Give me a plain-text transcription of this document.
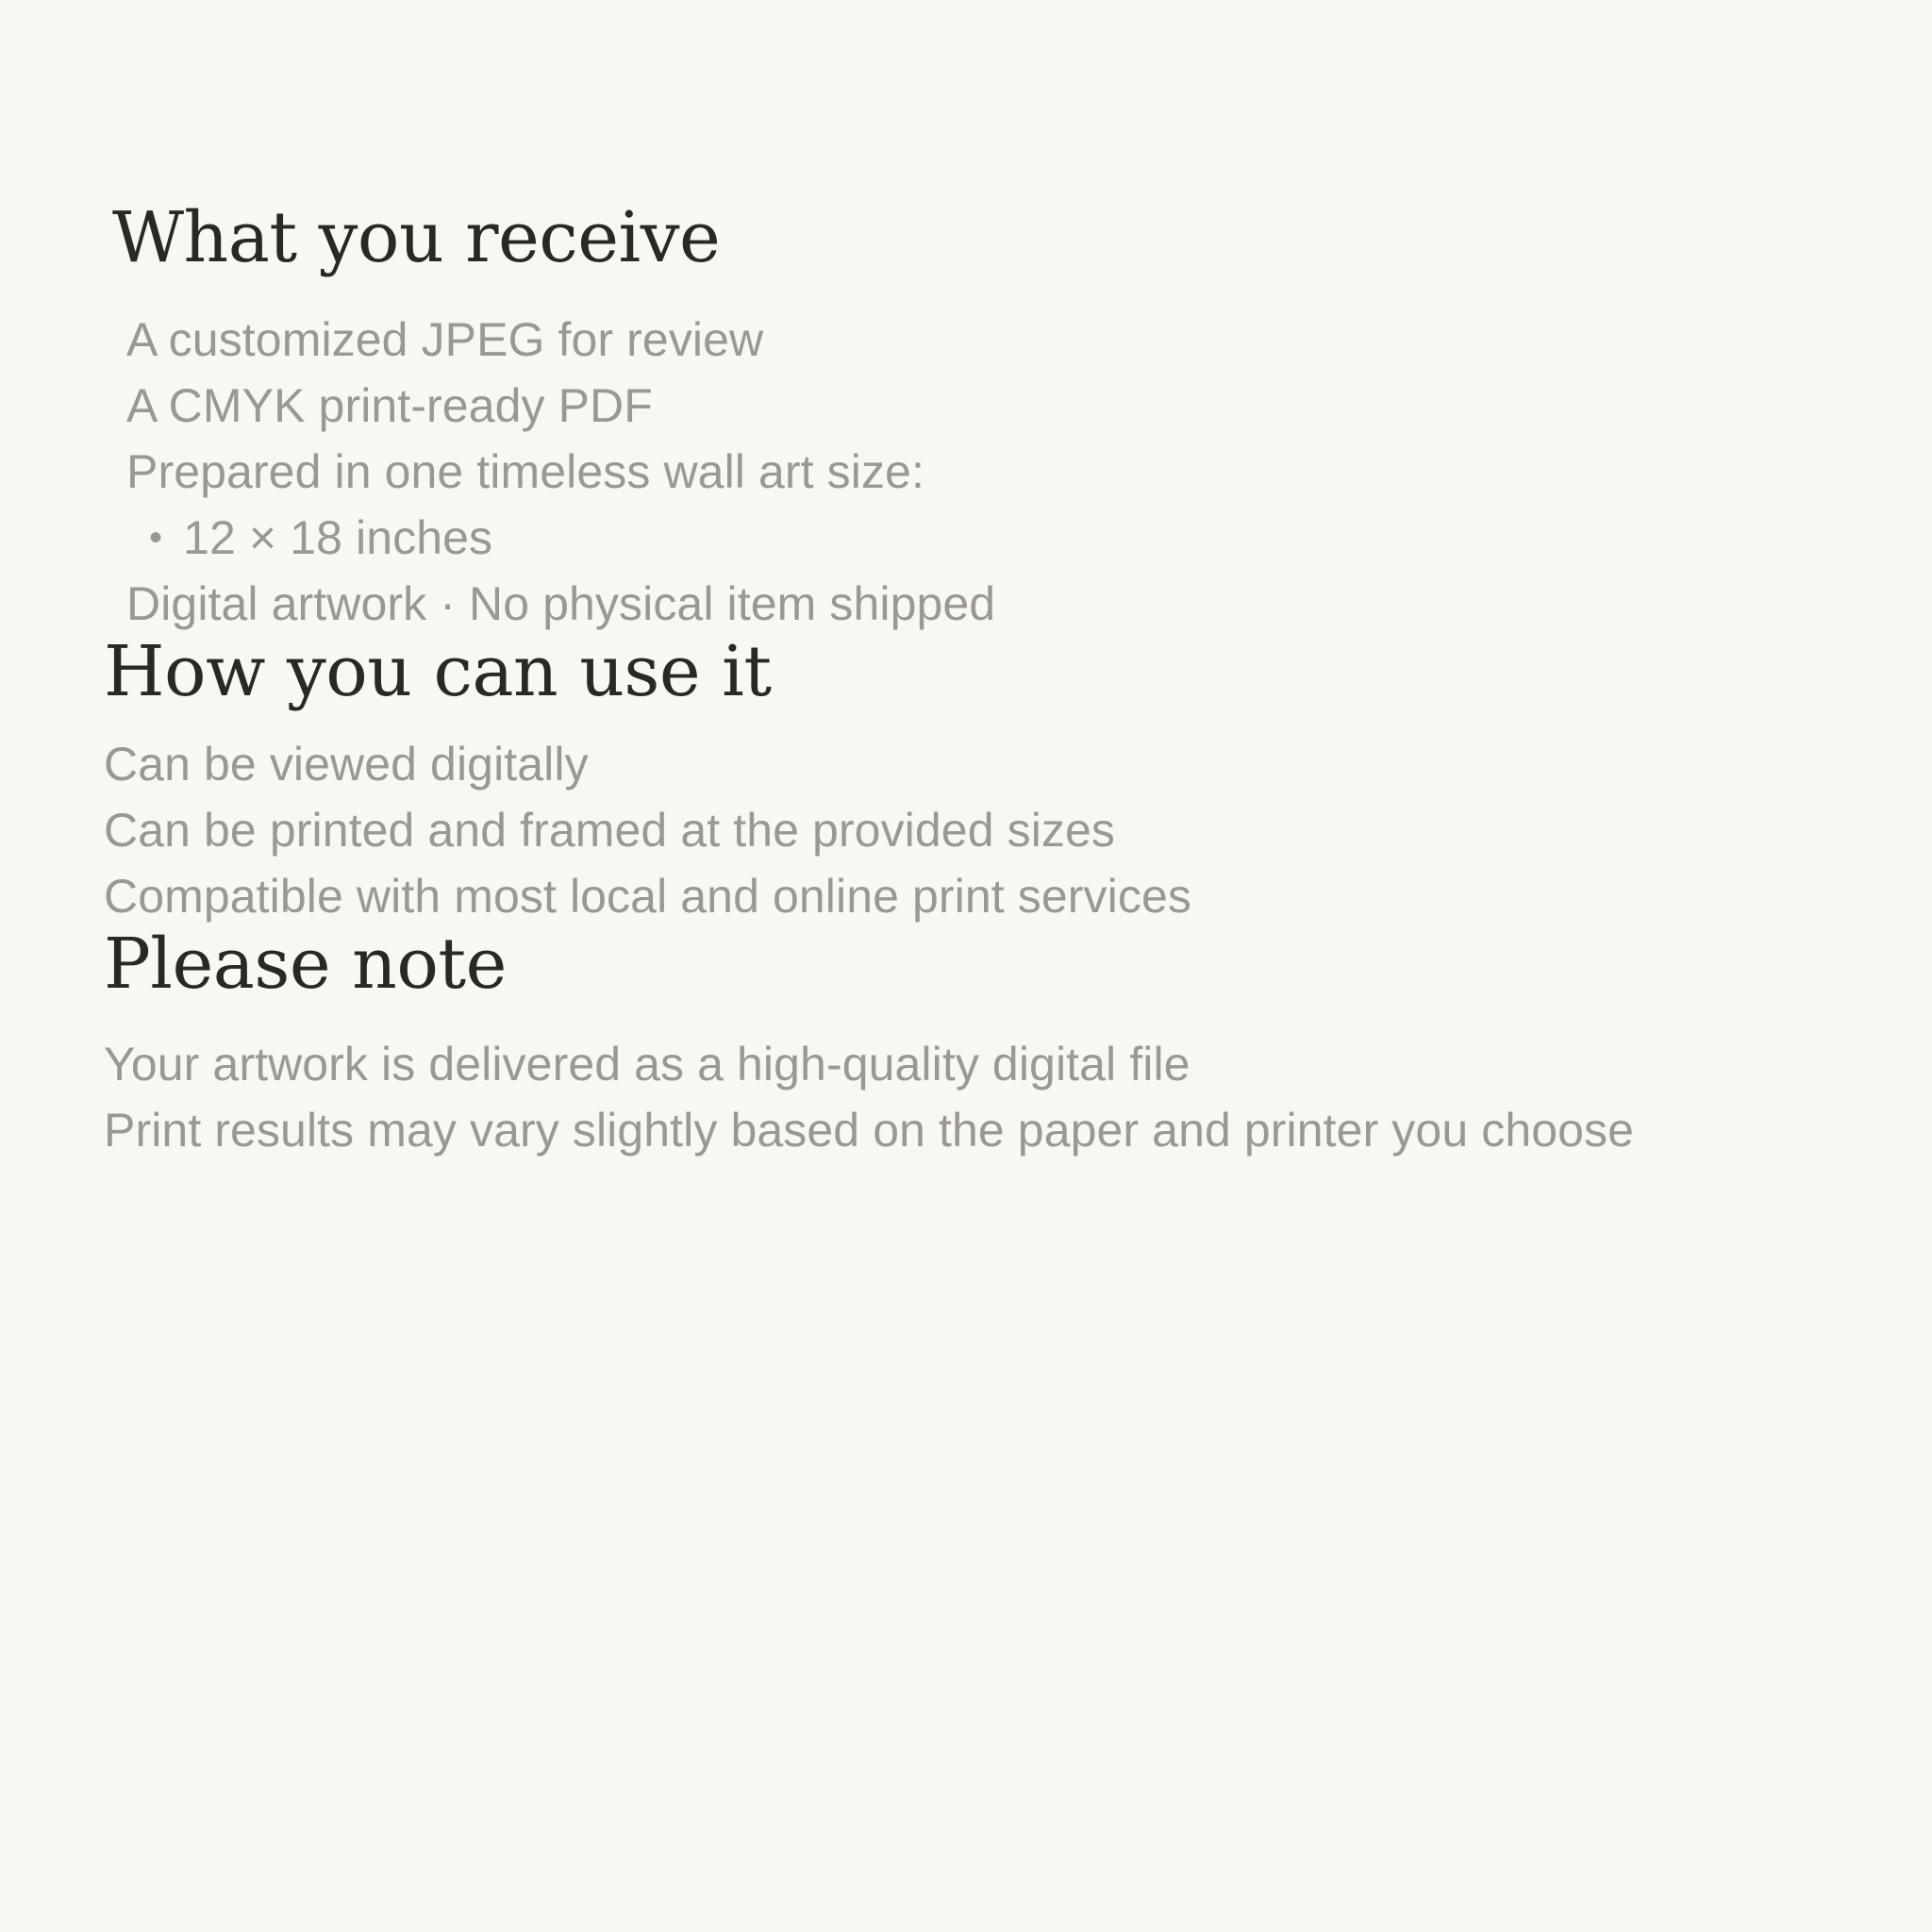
What you receive

A customized JPEG for review

A CMYK print-ready PDF

Prepared in one timeless wall art size:

• 12 × 18 inches

Digital artwork · No physical item shipped

How you can use it

Can be viewed digitally

Can be printed and framed at the provided sizes

Compatible with most local and online print services

Please note

Your artwork is delivered as a high-quality digital file

Print results may vary slightly based on the paper and printer you choose
